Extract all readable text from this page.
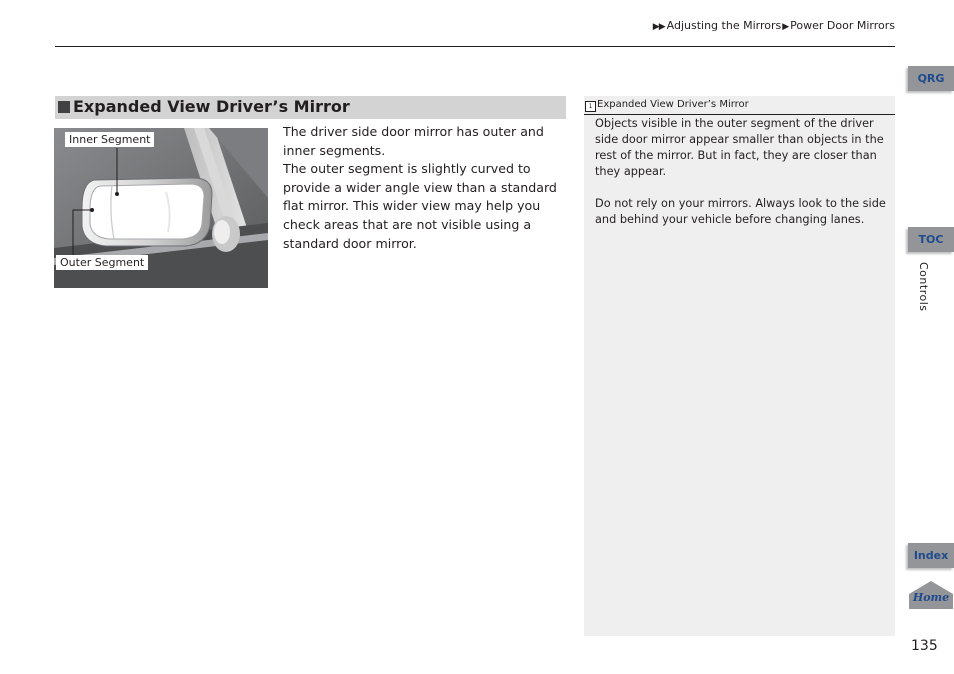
▶▶ Adjusting the Mirrors▶Power Door Mirrors
Expanded View Driver’s Mirror
Inner Segment
Outer Segment

The driver side door mirror has outer and inner segments.

The outer segment is slightly curved to provide a wider angle view than a standard flat mirror. This wider view may help you check areas that are not visible using a standard door mirror.

1 Expanded View Driver’s Mirror

Objects visible in the outer segment of the driver side door mirror appear smaller than objects in the rest of the mirror. But in fact, they are closer than they appear.

Do not rely on your mirrors. Always look to the side and behind your vehicle before changing lanes.

QRG
TOC
Controls
Index
Home
135
